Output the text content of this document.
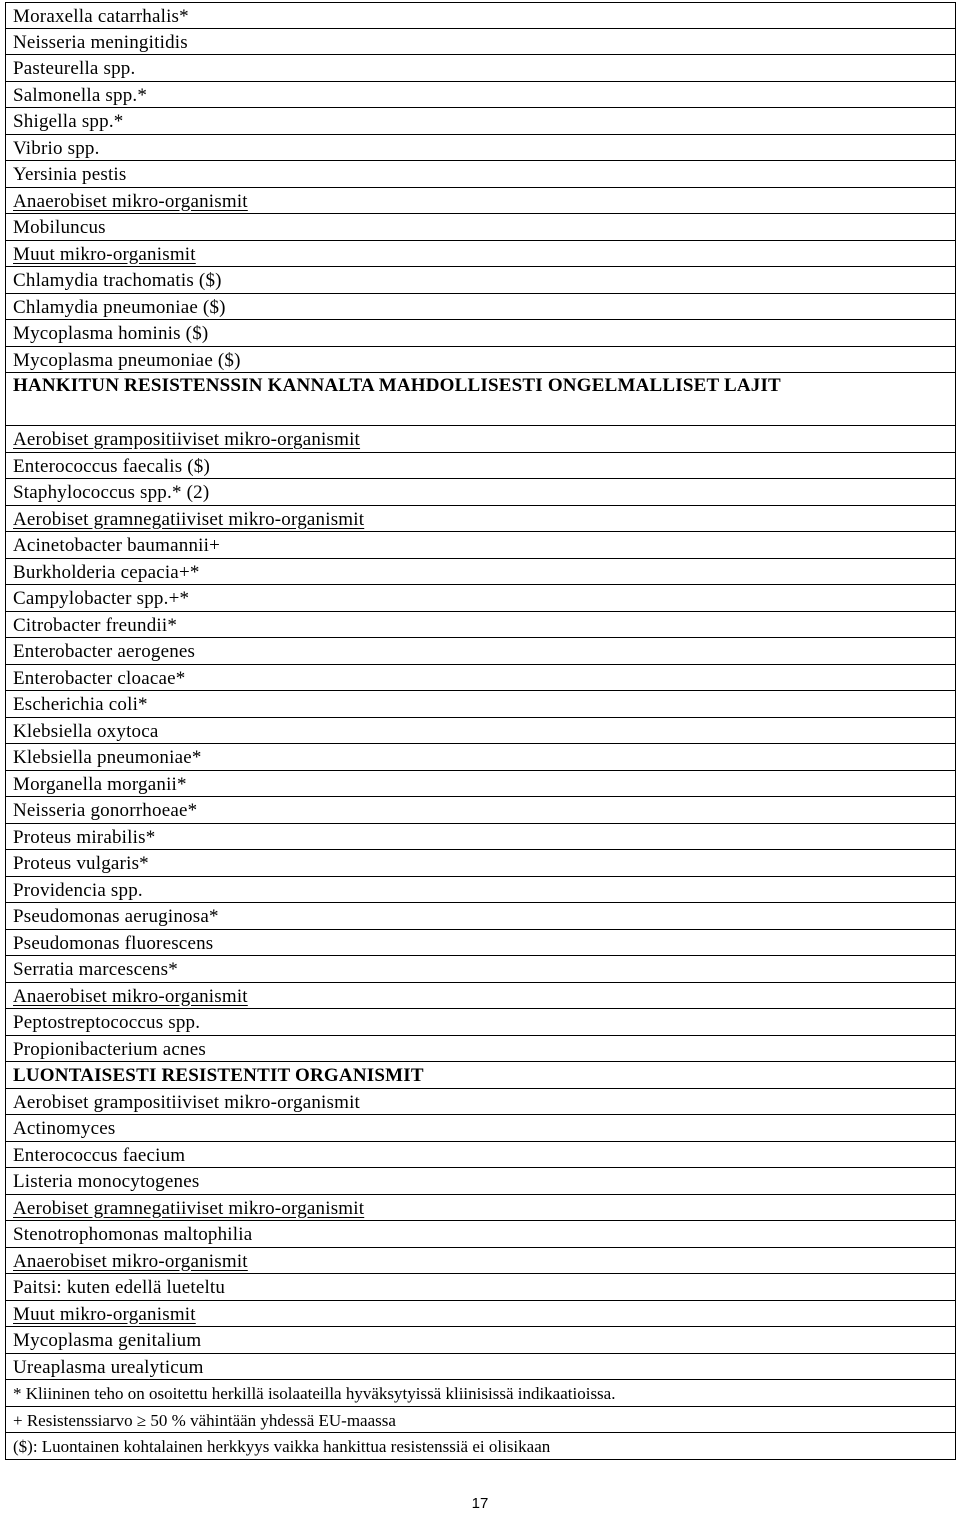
Moraxella catarrhalis*
Neisseria meningitidis
Pasteurella spp.
Salmonella spp.*
Shigella spp.*
Vibrio spp.
Yersinia pestis
Anaerobiset mikro-organismit
Mobiluncus
Muut mikro-organismit
Chlamydia trachomatis ($)
Chlamydia pneumoniae ($)
Mycoplasma hominis ($)
Mycoplasma pneumoniae ($)
HANKITUN RESISTENSSIN KANNALTA MAHDOLLISESTI ONGELMALLISET LAJIT
Aerobiset grampositiiviset mikro-organismit
Enterococcus faecalis ($)
Staphylococcus spp.* (2)
Aerobiset gramnegatiiviset mikro-organismit
Acinetobacter baumannii+
Burkholderia cepacia+*
Campylobacter spp.+*
Citrobacter freundii*
Enterobacter aerogenes
Enterobacter cloacae*
Escherichia coli*
Klebsiella oxytoca
Klebsiella pneumoniae*
Morganella morganii*
Neisseria gonorrhoeae*
Proteus mirabilis*
Proteus vulgaris*
Providencia spp.
Pseudomonas aeruginosa*
Pseudomonas fluorescens
Serratia marcescens*
Anaerobiset mikro-organismit
Peptostreptococcus spp.
Propionibacterium acnes
LUONTAISESTI RESISTENTIT ORGANISMIT
Aerobiset grampositiiviset mikro-organismit
Actinomyces
Enterococcus faecium
Listeria monocytogenes
Aerobiset gramnegatiiviset mikro-organismit
Stenotrophomonas maltophilia
Anaerobiset mikro-organismit
Paitsi: kuten edellä lueteltu
Muut mikro-organismit
Mycoplasma genitalium
Ureaplasma urealyticum
* Kliininen teho on osoitettu herkillä isolaateilla hyväksytyissä kliinisissä indikaatioissa.
+ Resistenssiarvo ≥ 50 % vähintään yhdessä EU-maassa
($): Luontainen kohtalainen herkkyys vaikka hankittua resistenssiä ei olisikaan
17
